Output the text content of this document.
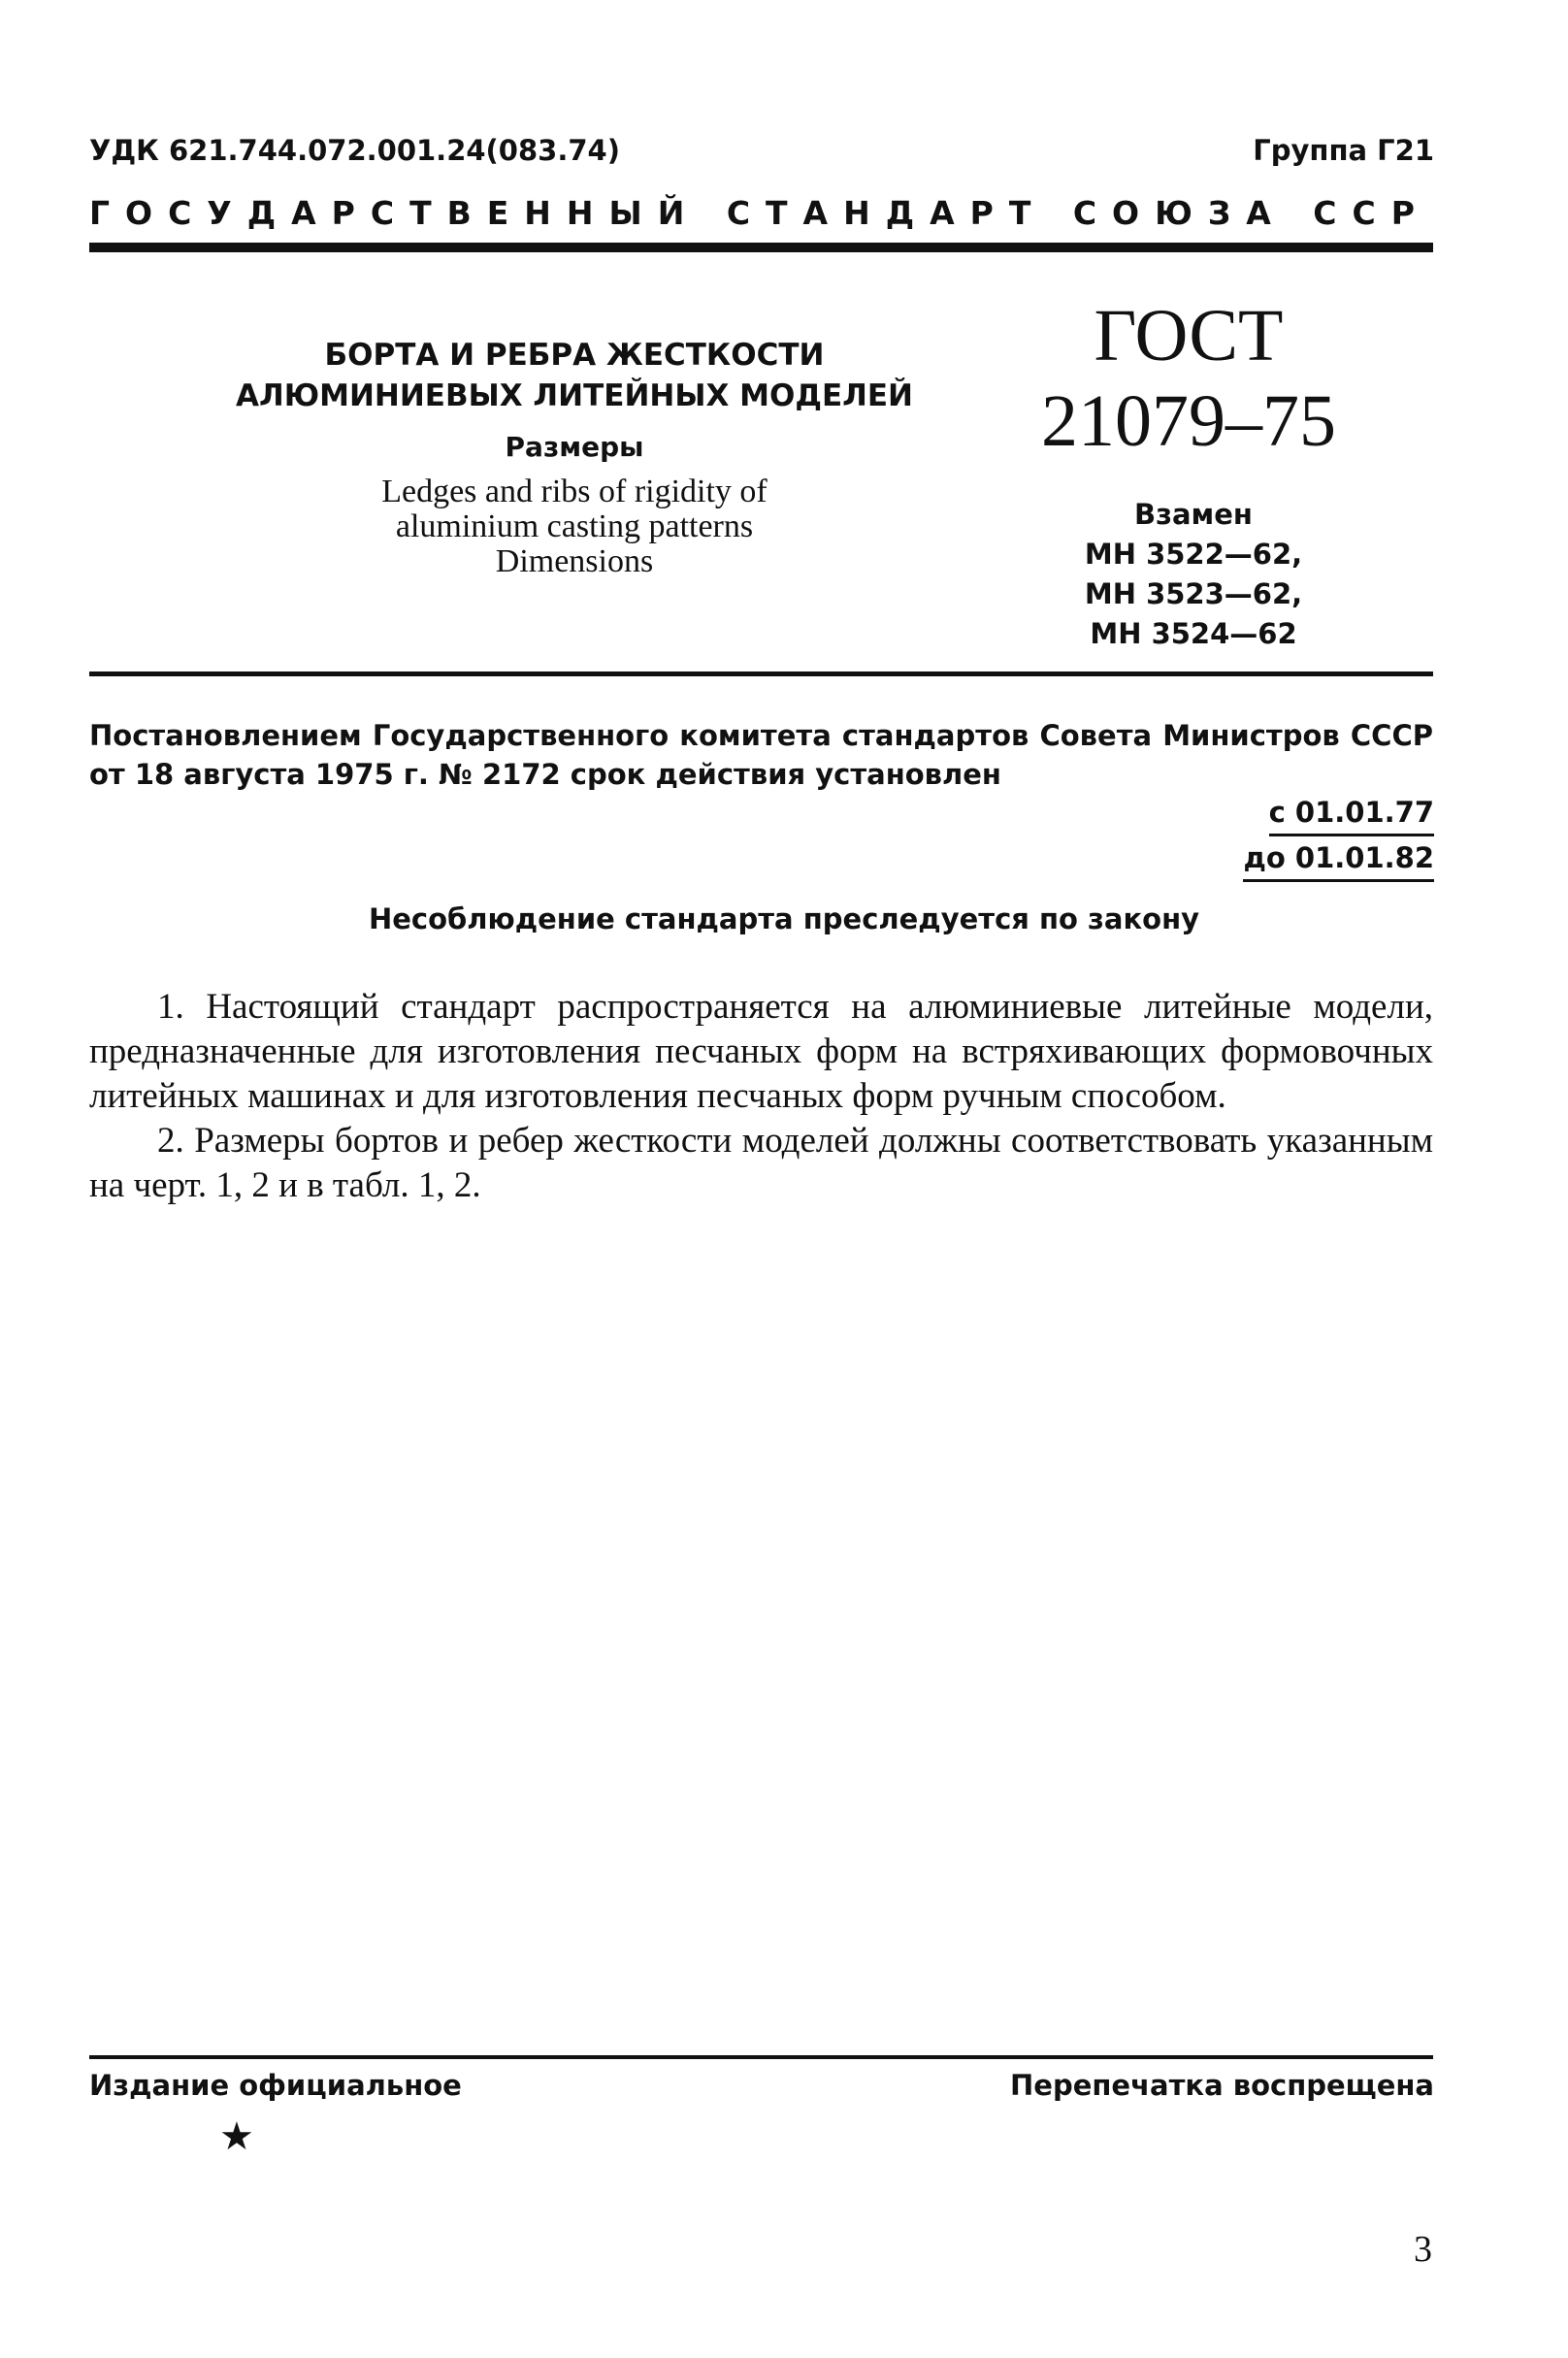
УДК 621.744.072.001.24(083.74)	Группа Г21
ГОСУДАРСТВЕННЫЙ СТАНДАРТ СОЮЗА ССР
БОРТА И РЕБРА ЖЕСТКОСТИ
АЛЮМИНИЕВЫХ ЛИТЕЙНЫХ МОДЕЛЕЙ
Размеры
Ledges and ribs of rigidity of
aluminium casting patterns
Dimensions
ГОСТ
21079–75
Взамен
МН 3522—62,
МН 3523—62,
МН 3524—62
Постановлением Государственного комитета стандартов Совета Министров СССР
от 18 августа 1975 г. № 2172 срок действия установлен
с 01.01.77
до 01.01.82
Несоблюдение стандарта преследуется по закону

1. Настоящий стандарт распространяется на алюминиевые литейные модели, предназначенные для изготовления песчаных форм на встряхивающих формовочных литейных машинах и для изготовления песчаных форм ручным способом.

2. Размеры бортов и ребер жесткости моделей должны соответствовать указанным на черт. 1, 2 и в табл. 1, 2.

Издание официальное
★
Перепечатка воспрещена
3
